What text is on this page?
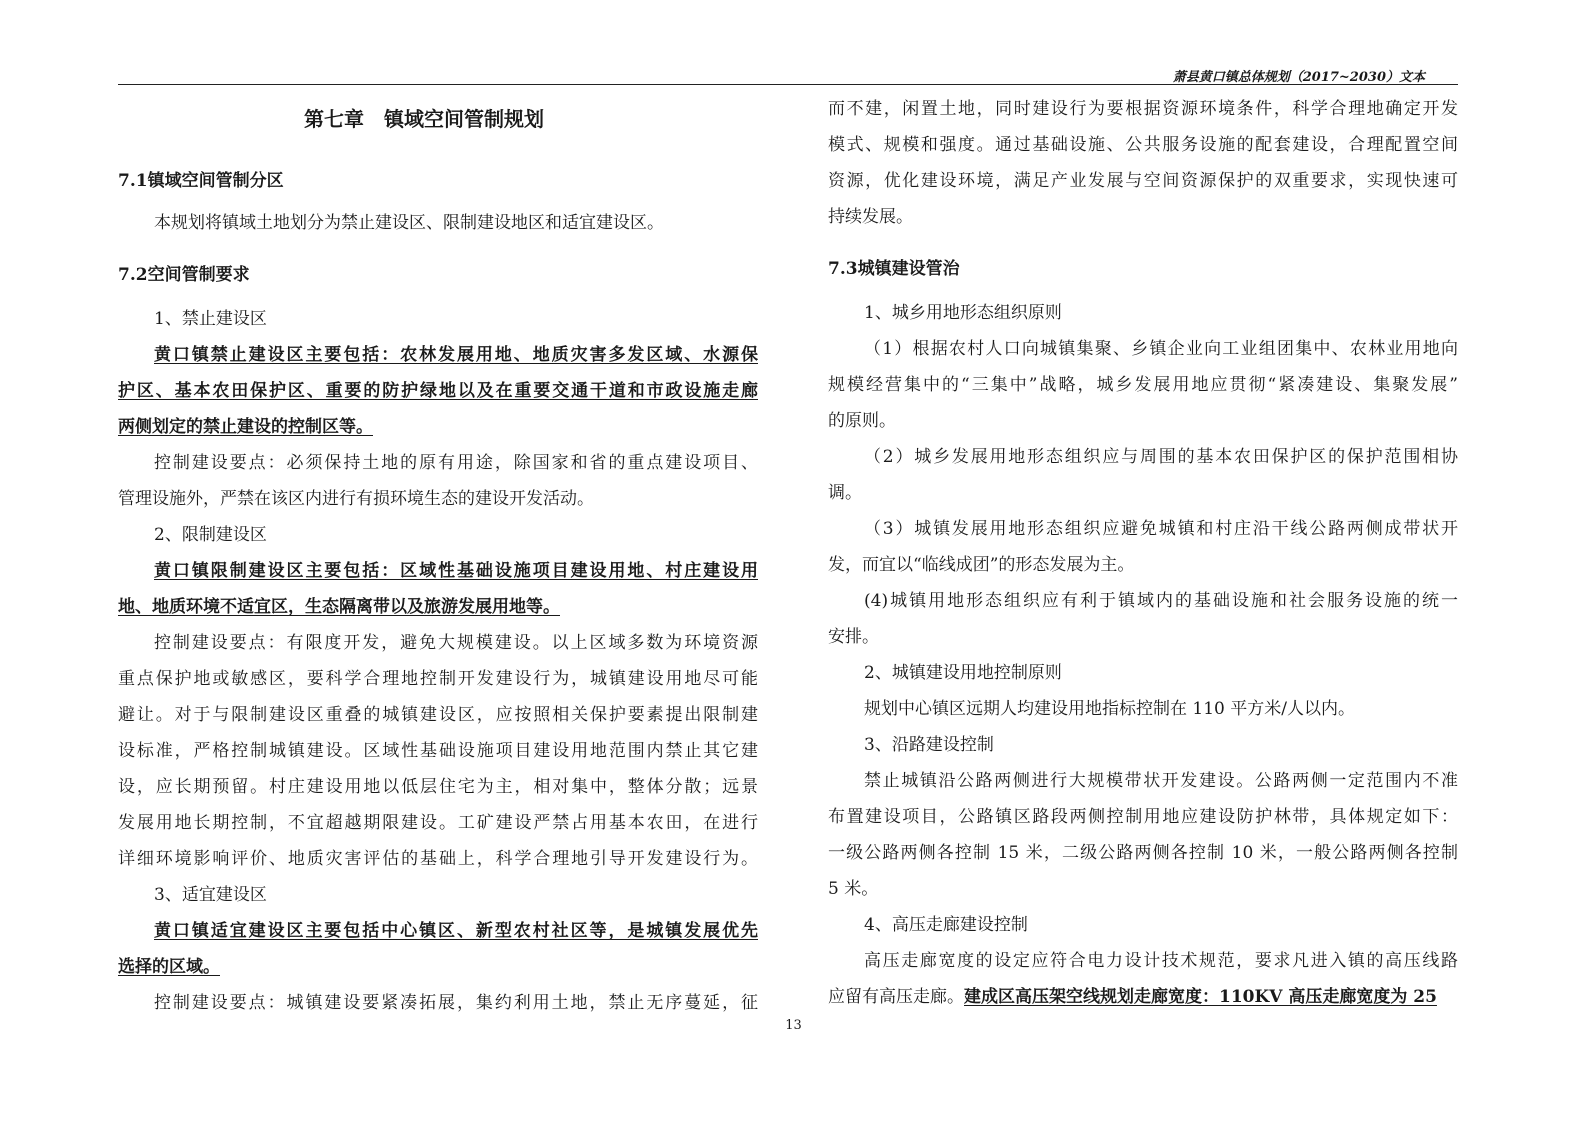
萧县黄口镇总体规划（2017~2030）文本
第七章　镇域空间管制规划
7.1镇域空间管制分区
本规划将镇域土地划分为禁止建设区、限制建设地区和适宜建设区。
7.2空间管制要求
1、禁止建设区
黄口镇禁止建设区主要包括：农林发展用地、地质灾害多发区域、水源保
护区、基本农田保护区、重要的防护绿地以及在重要交通干道和市政设施走廊
两侧划定的禁止建设的控制区等。
控制建设要点：必须保持土地的原有用途，除国家和省的重点建设项目、
管理设施外，严禁在该区内进行有损环境生态的建设开发活动。
2、限制建设区
黄口镇限制建设区主要包括：区域性基础设施项目建设用地、村庄建设用
地、地质环境不适宜区，生态隔离带以及旅游发展用地等。
控制建设要点：有限度开发，避免大规模建设。以上区域多数为环境资源
重点保护地或敏感区，要科学合理地控制开发建设行为，城镇建设用地尽可能
避让。对于与限制建设区重叠的城镇建设区，应按照相关保护要素提出限制建
设标准，严格控制城镇建设。区域性基础设施项目建设用地范围内禁止其它建
设，应长期预留。村庄建设用地以低层住宅为主，相对集中，整体分散；远景
发展用地长期控制，不宜超越期限建设。工矿建设严禁占用基本农田，在进行
详细环境影响评价、地质灾害评估的基础上，科学合理地引导开发建设行为。
3、适宜建设区
黄口镇适宜建设区主要包括中心镇区、新型农村社区等，是城镇发展优先
选择的区域。
控制建设要点：城镇建设要紧凑拓展，集约利用土地，禁止无序蔓延，征
而不建，闲置土地，同时建设行为要根据资源环境条件，科学合理地确定开发
模式、规模和强度。通过基础设施、公共服务设施的配套建设，合理配置空间
资源，优化建设环境，满足产业发展与空间资源保护的双重要求，实现快速可
持续发展。
7.3城镇建设管治
1、城乡用地形态组织原则
（1）根据农村人口向城镇集聚、乡镇企业向工业组团集中、农林业用地向
规模经营集中的“三集中”战略，城乡发展用地应贯彻“紧凑建设、集聚发展”
的原则。
（2）城乡发展用地形态组织应与周围的基本农田保护区的保护范围相协
调。
（3）城镇发展用地形态组织应避免城镇和村庄沿干线公路两侧成带状开
发，而宜以“临线成团”的形态发展为主。
(4)城镇用地形态组织应有利于镇域内的基础设施和社会服务设施的统一
安排。
2、城镇建设用地控制原则
规划中心镇区远期人均建设用地指标控制在 110 平方米/人以内。
3、沿路建设控制
禁止城镇沿公路两侧进行大规模带状开发建设。公路两侧一定范围内不准
布置建设项目，公路镇区路段两侧控制用地应建设防护林带，具体规定如下：
一级公路两侧各控制 15 米，二级公路两侧各控制 10 米，一般公路两侧各控制
5 米。
4、高压走廊建设控制
高压走廊宽度的设定应符合电力设计技术规范，要求凡进入镇的高压线路
应留有高压走廊。建成区高压架空线规划走廊宽度：110KV 高压走廊宽度为 25
13
